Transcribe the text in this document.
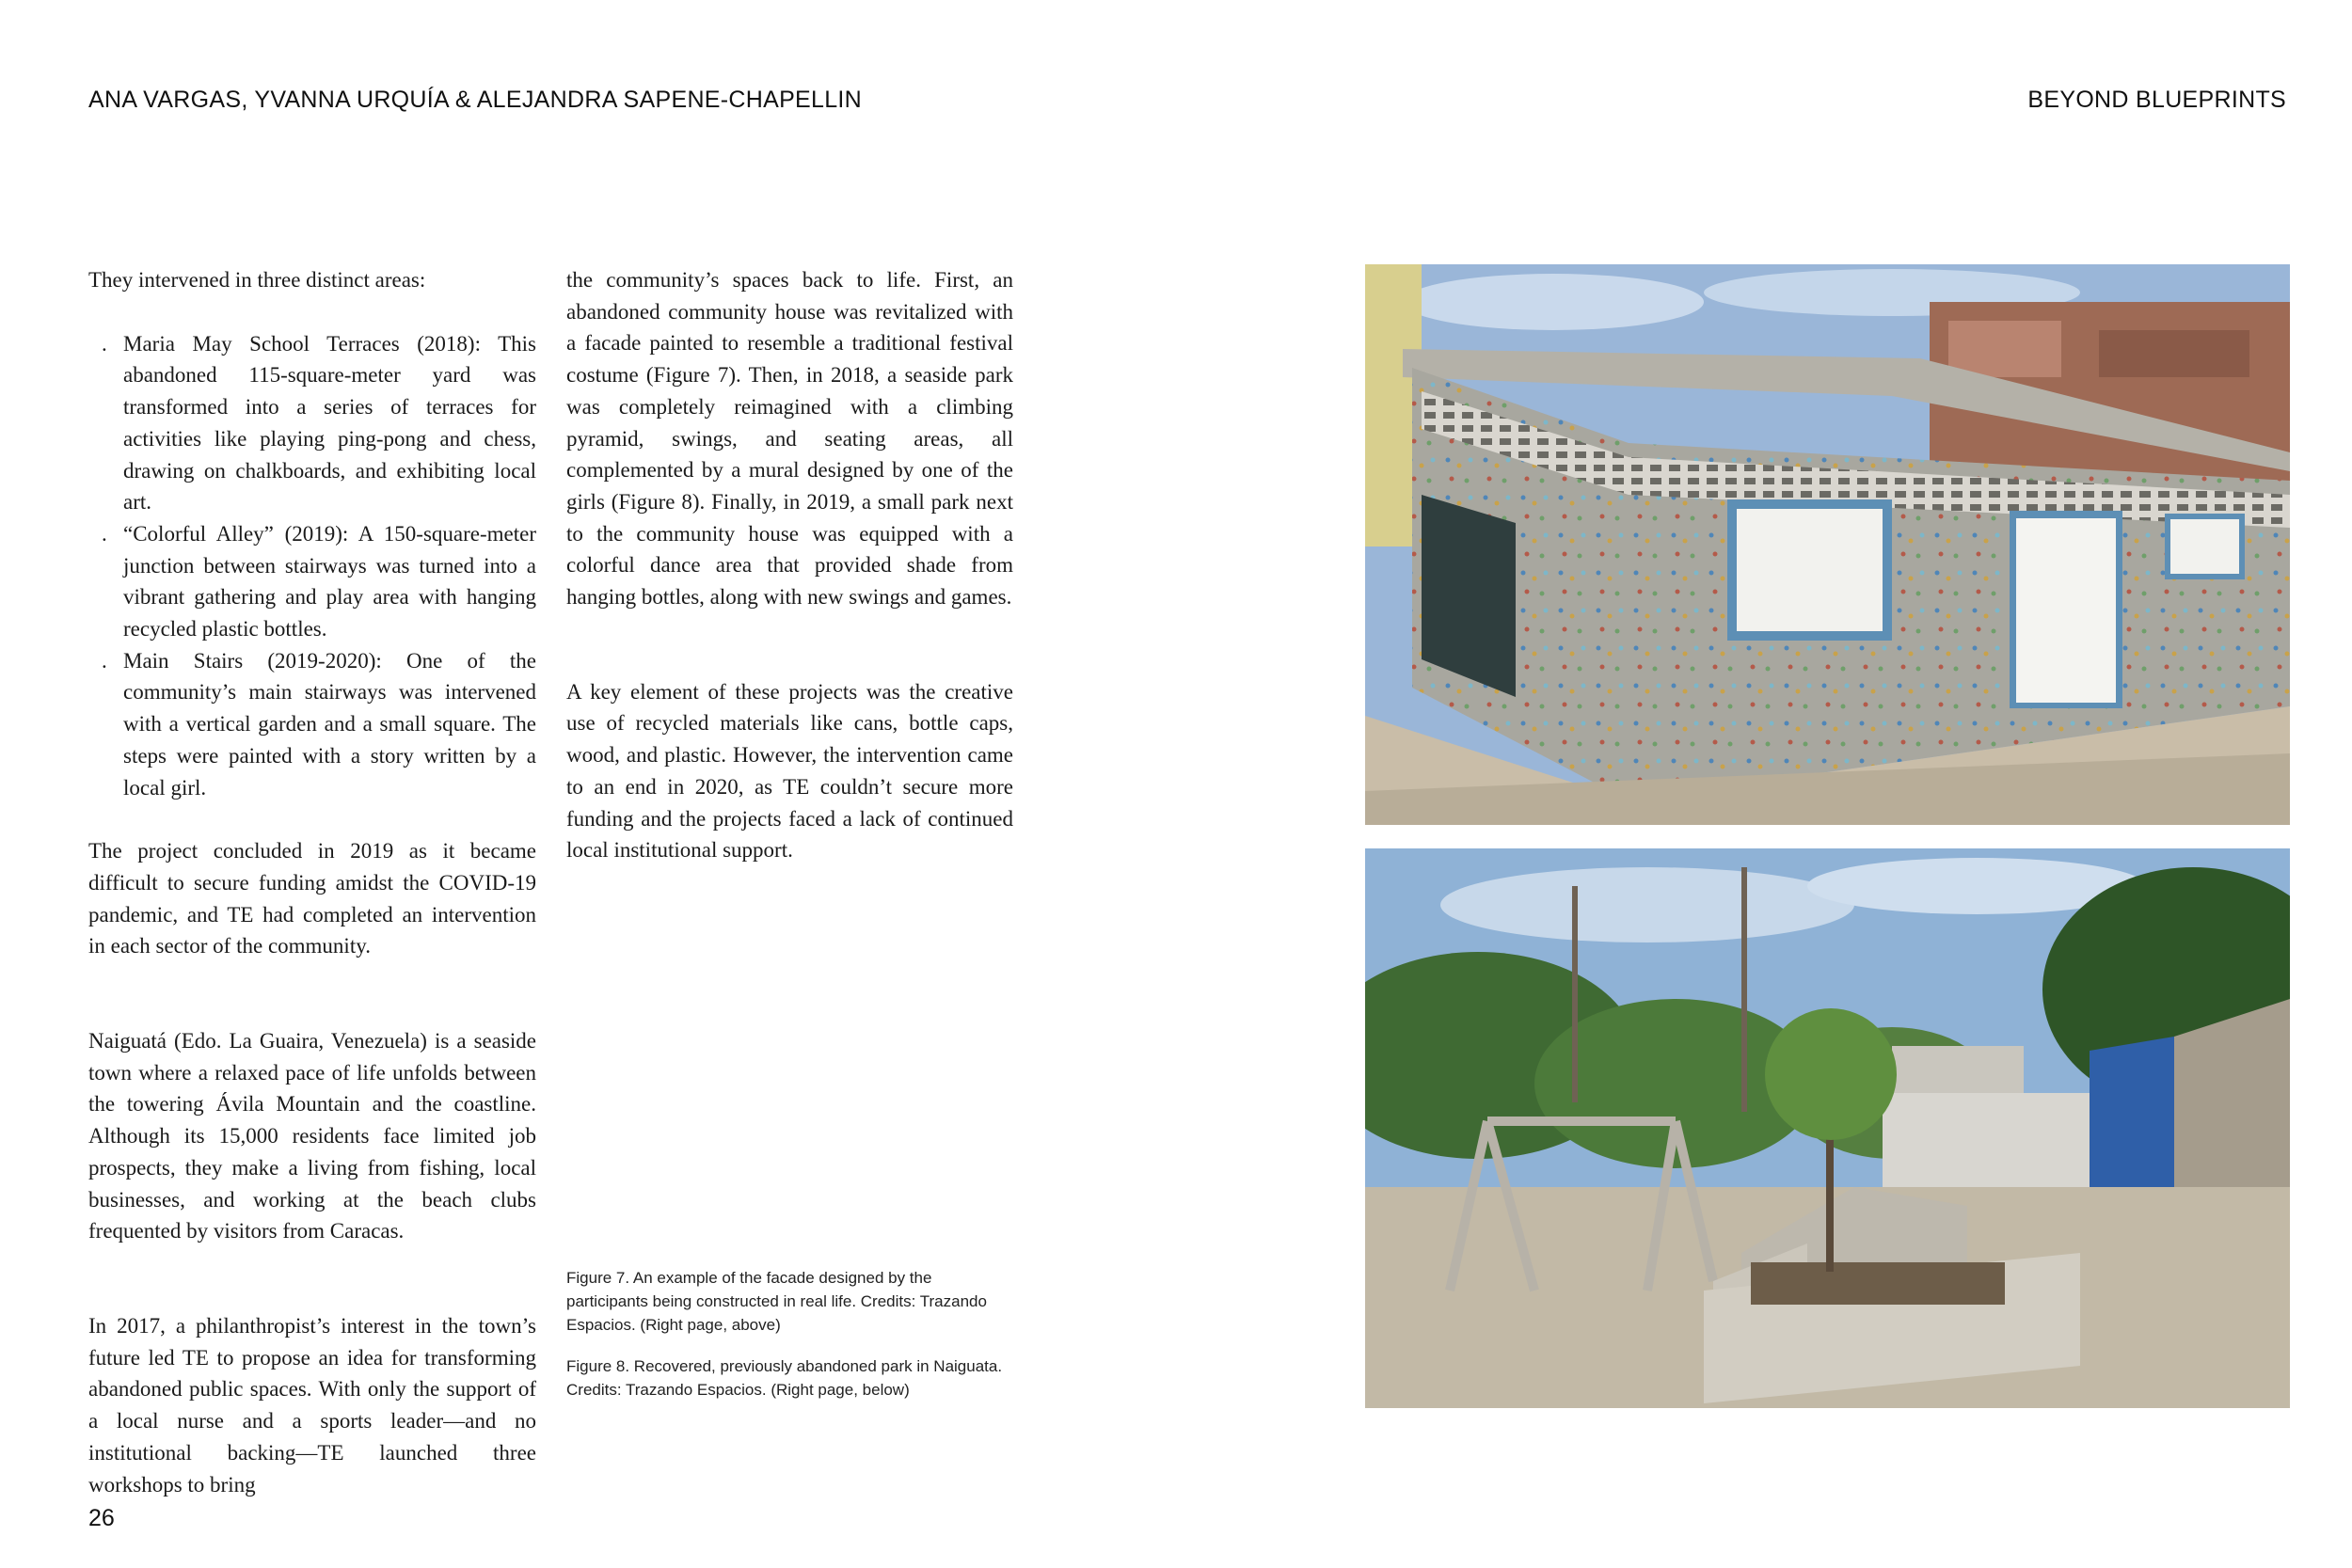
ANA VARGAS, YVANNA URQUÍA & ALEJANDRA SAPENE-CHAPELLIN	BEYOND BLUEPRINTS

They intervened in three distinct areas:

. Maria May School Terraces (2018): This abandoned 115-square-meter yard was transformed into a series of terraces for activities like playing ping-pong and chess, drawing on chalkboards, and exhibiting local art.
. “Colorful Alley” (2019): A 150-square-meter junction between stairways was turned into a vibrant gathering and play area with hanging recycled plastic bottles.
. Main Stairs (2019-2020): One of the community’s main stairways was intervened with a vertical garden and a small square. The steps were painted with a story written by a local girl.

The project concluded in 2019 as it became difficult to secure funding amidst the COVID-19 pandemic, and TE had completed an intervention in each sector of the community.

Naiguatá (Edo. La Guaira, Venezuela) is a seaside town where a relaxed pace of life unfolds between the towering Ávila Mountain and the coastline. Although its 15,000 residents face limited job prospects, they make a living from fishing, local businesses, and working at the beach clubs frequented by visitors from Caracas.

In 2017, a philanthropist’s interest in the town’s future led TE to propose an idea for transforming abandoned public spaces. With only the support of a local nurse and a sports leader—and no institutional backing—TE launched three workshops to bring

the community’s spaces back to life. First, an abandoned community house was revitalized with a facade painted to resemble a traditional festival costume (Figure 7). Then, in 2018, a seaside park was completely reimagined with a climbing pyramid, swings, and seating areas, all complemented by a mural designed by one of the girls (Figure 8). Finally, in 2019, a small park next to the community house was equipped with a colorful dance area that provided shade from hanging bottles, along with new swings and games.

A key element of these projects was the creative use of recycled materials like cans, bottle caps, wood, and plastic. However, the intervention came to an end in 2020, as TE couldn’t secure more funding and the projects faced a lack of continued local institutional support.

Figure 7. An example of the facade designed by the participants being constructed in real life. Credits: Trazando Espacios. (Right page, above)
Figure 8. Recovered, previously abandoned park in Naiguata. Credits: Trazando Espacios. (Right page, below)
26
